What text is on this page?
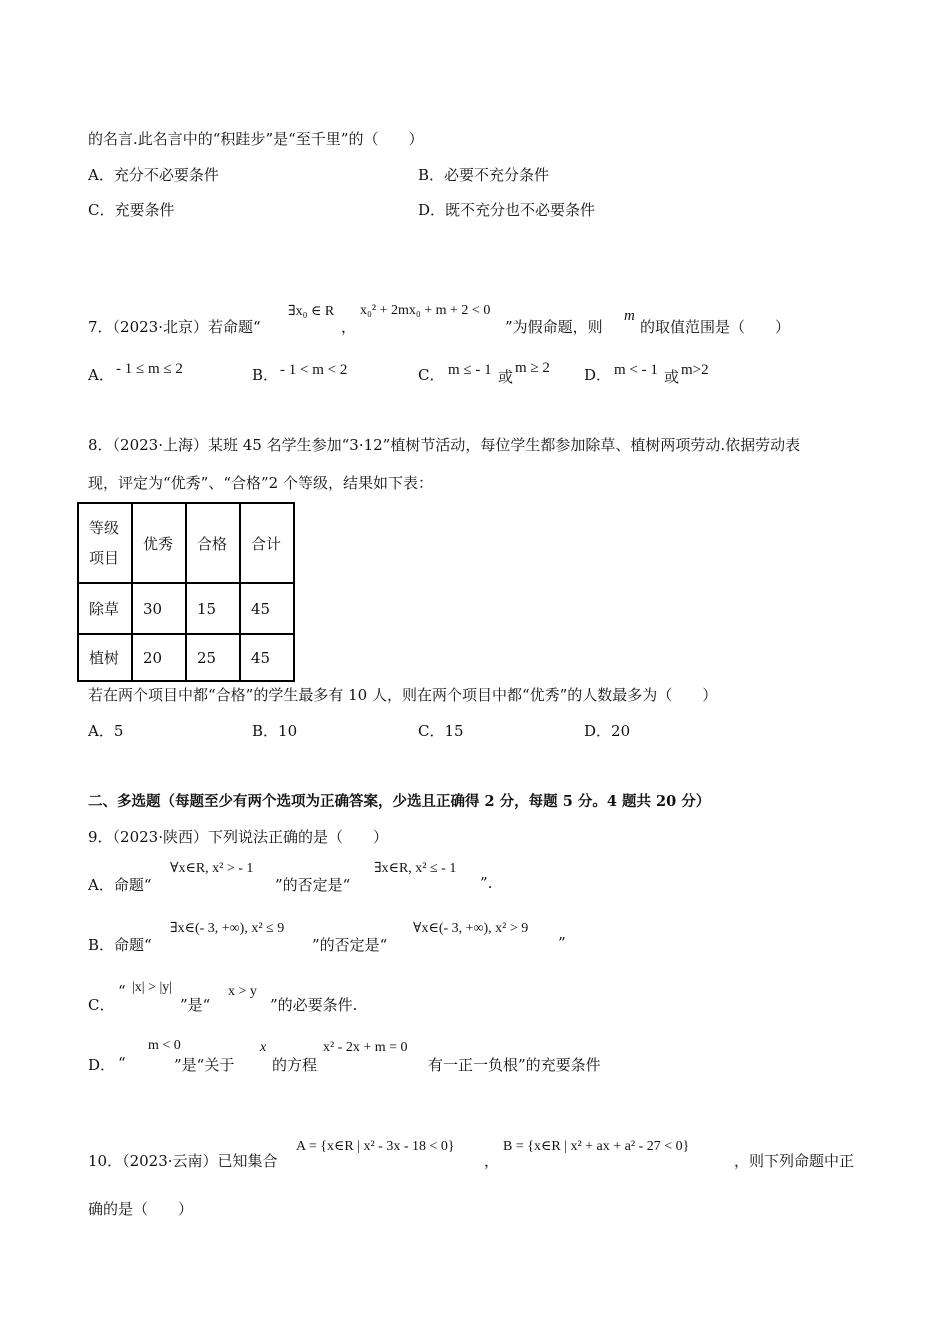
的名言.此名言中的“积跬步”是“至千里”的（　　）
A．充分不必要条件	B．必要不充分条件
C．充要条件	D．既不充分也不必要条件
7．（2023·北京）若命题“
∃x₀ ∈ R
，
x₀² + 2mx₀ + m + 2 < 0
”为假命题，则
m
的取值范围是（　　）
A． - 1 ≤ m ≤ 2	B． - 1 < m < 2	C． m ≤ - 1 或 m ≥ 2 D． m < - 1 或 m>2
8．（2023·上海）某班 45 名学生参加“3·12”植树节活动，每位学生都参加除草、植树两项劳动.依据劳动表
现，评定为“优秀”、“合格”2 个等级，结果如下表：
等级
项目	优秀	合格	合计
除草	30	15	45
植树	20	25	45
若在两个项目中都“合格”的学生最多有 10 人，则在两个项目中都“优秀”的人数最多为（　　）
A．5	B．10	C．15	D．20
二、多选题（每题至少有两个选项为正确答案，少选且正确得 2 分，每题 5 分。4 题共 20 分）
9．（2023·陕西）下列说法正确的是（　　）
A．命题“
∀x∈R, x² > - 1
”的否定是“
∃x∈R, x² ≤ - 1
”.
B．命题“
∃x∈(- 3, +∞), x² ≤ 9
”的否定是“
∀x∈(- 3, +∞), x² > 9
”
C．
“ |x| > |y|
”是“
x > y
”的必要条件.
D． “
m < 0
”是“关于
x
的方程
x² - 2x + m = 0
有一正一负根”的充要条件
10．（2023·云南）已知集合
A = {x∈R | x² - 3x - 18 < 0}
，
B = {x∈R | x² + ax + a² - 27 < 0}
，则下列命题中正
确的是（　　）
